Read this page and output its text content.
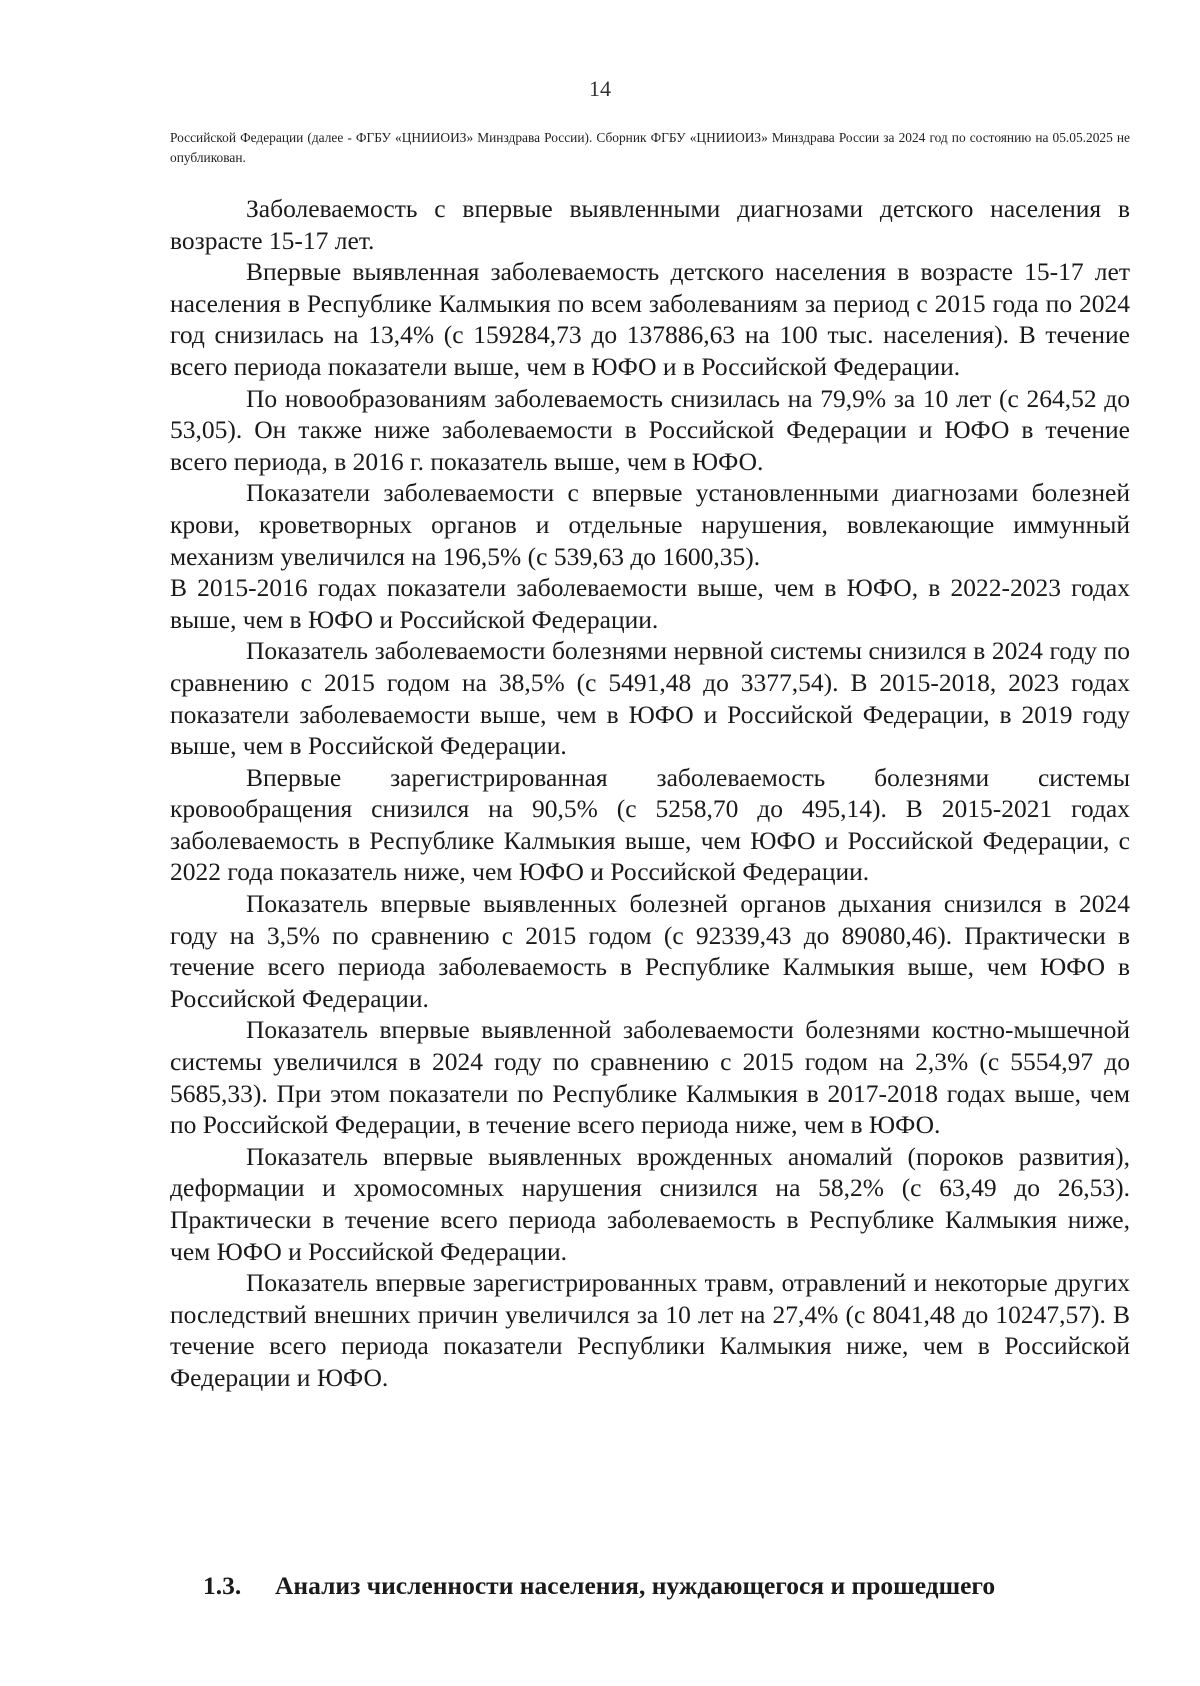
14
Российской Федерации (далее - ФГБУ «ЦНИИОИЗ» Минздрава России). Сборник ФГБУ «ЦНИИОИЗ» Минздрава России за 2024 год по состоянию на 05.05.2025 не опубликован.

Заболеваемость с впервые выявленными диагнозами детского населения в возрасте 15-17 лет.

Впервые выявленная заболеваемость детского населения в возрасте 15-17 лет населения в Республике Калмыкия по всем заболеваниям за период с 2015 года по 2024 год снизилась на 13,4% (с 159284,73 до 137886,63 на 100 тыс. населения). В течение всего периода показатели выше, чем в ЮФО и в Российской Федерации.

По новообразованиям заболеваемость снизилась на 79,9% за 10 лет (с 264,52 до 53,05). Он также ниже заболеваемости в Российской Федерации и ЮФО в течение всего периода, в 2016 г. показатель выше, чем в ЮФО.

Показатели заболеваемости с впервые установленными диагнозами болезней крови, кроветворных органов и отдельные нарушения, вовлекающие иммунный механизм увеличился на 196,5% (с 539,63 до 1600,35).

В 2015-2016 годах показатели заболеваемости выше, чем в ЮФО, в 2022-2023 годах выше, чем в ЮФО и Российской Федерации.

Показатель заболеваемости болезнями нервной системы снизился в 2024 году по сравнению с 2015 годом на 38,5% (с 5491,48 до 3377,54). В 2015-2018, 2023 годах показатели заболеваемости выше, чем в ЮФО и Российской Федерации, в 2019 году выше, чем в Российской Федерации.

Впервые зарегистрированная заболеваемость болезнями системы кровообращения снизился на 90,5% (с 5258,70 до 495,14). В 2015-2021 годах заболеваемость в Республике Калмыкия выше, чем ЮФО и Российской Федерации, с 2022 года показатель ниже, чем ЮФО и Российской Федерации.

Показатель впервые выявленных болезней органов дыхания снизился в 2024 году на 3,5% по сравнению с 2015 годом (с 92339,43 до 89080,46). Практически в течение всего периода заболеваемость в Республике Калмыкия выше, чем ЮФО в Российской Федерации.

Показатель впервые выявленной заболеваемости болезнями костно-мышечной системы увеличился в 2024 году по сравнению с 2015 годом на 2,3% (с 5554,97 до 5685,33). При этом показатели по Республике Калмыкия в 2017-2018 годах выше, чем по Российской Федерации, в течение всего периода ниже, чем в ЮФО.

Показатель впервые выявленных врожденных аномалий (пороков развития), деформации и хромосомных нарушения снизился на 58,2% (с 63,49 до 26,53). Практически в течение всего периода заболеваемость в Республике Калмыкия ниже, чем ЮФО и Российской Федерации.

Показатель впервые зарегистрированных травм, отравлений и некоторые других последствий внешних причин увеличился за 10 лет на 27,4% (с 8041,48 до 10247,57). В течение всего периода показатели Республики Калмыкия ниже, чем в Российской Федерации и ЮФО.

1.3. Анализ численности населения, нуждающегося и прошедшего
